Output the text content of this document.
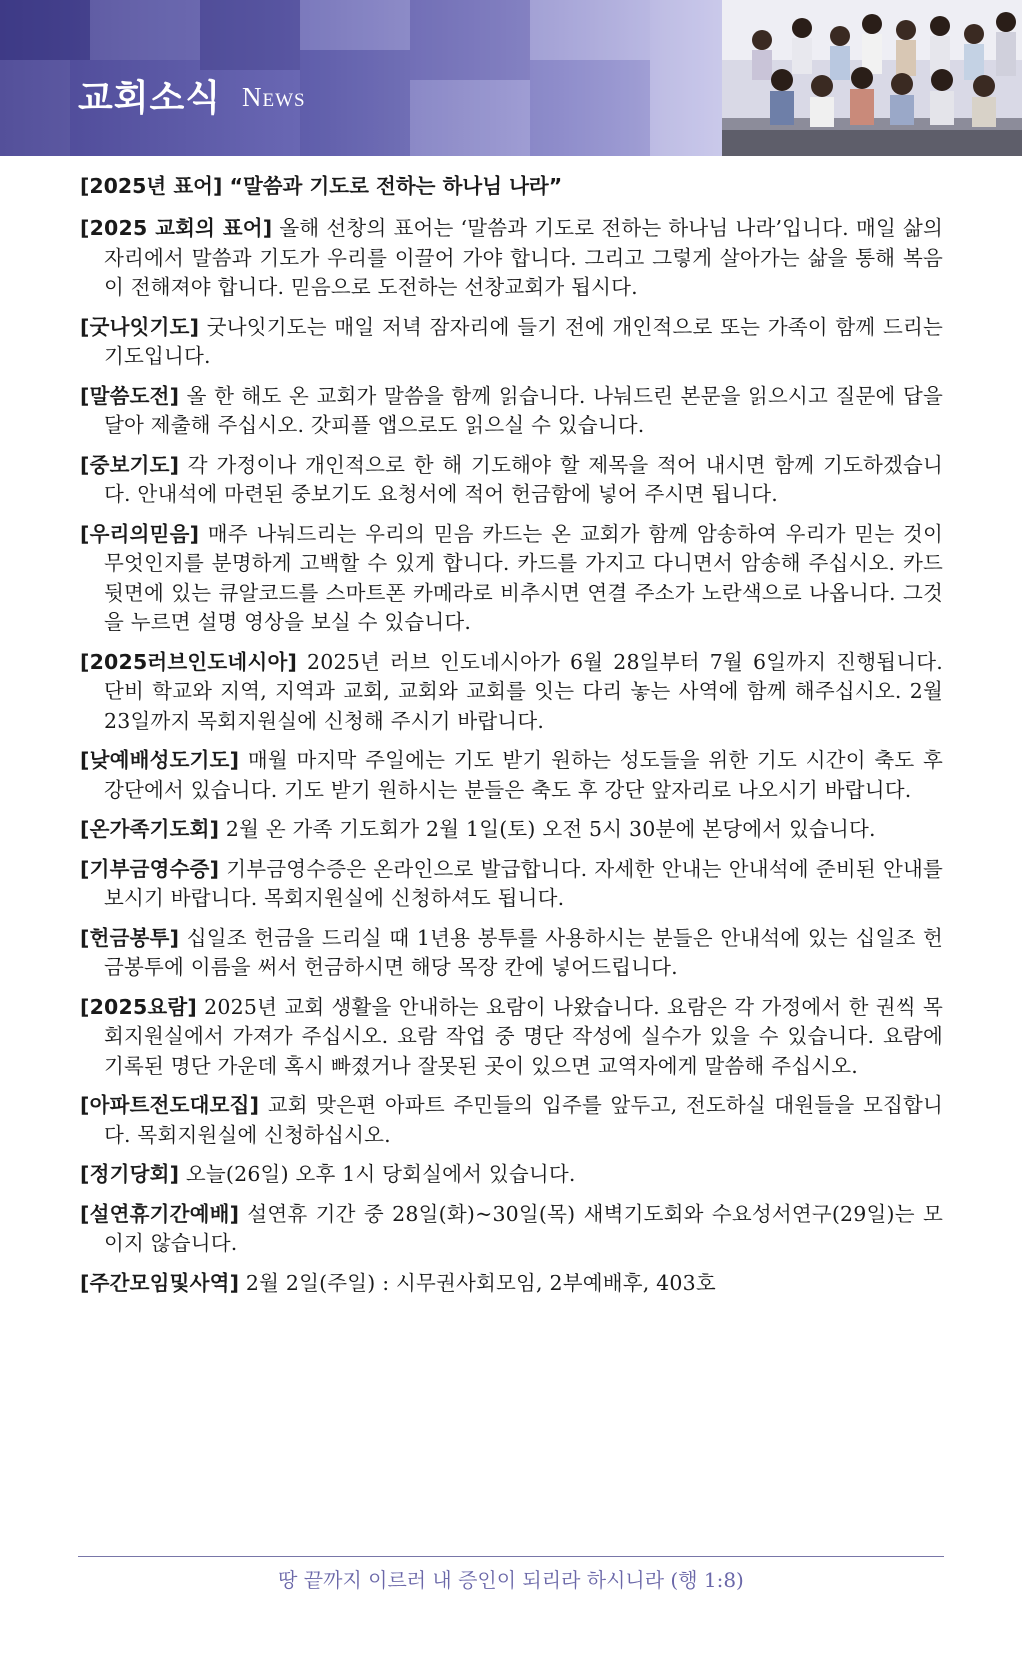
교회소식 News

[2025년 표어] “말씀과 기도로 전하는 하나님 나라”

[2025 교회의 표어] 올해 선창의 표어는 ‘말씀과 기도로 전하는 하나님 나라’입니다. 매일 삶의 자리에서 말씀과 기도가 우리를 이끌어 가야 합니다. 그리고 그렇게 살아가는 삶을 통해 복음이 전해져야 합니다. 믿음으로 도전하는 선창교회가 됩시다.

[굿나잇기도] 굿나잇기도는 매일 저녁 잠자리에 들기 전에 개인적으로 또는 가족이 함께 드리는 기도입니다.

[말씀도전] 올 한 해도 온 교회가 말씀을 함께 읽습니다. 나눠드린 본문을 읽으시고 질문에 답을 달아 제출해 주십시오. 갓피플 앱으로도 읽으실 수 있습니다.

[중보기도] 각 가정이나 개인적으로 한 해 기도해야 할 제목을 적어 내시면 함께 기도하겠습니다. 안내석에 마련된 중보기도 요청서에 적어 헌금함에 넣어 주시면 됩니다.

[우리의믿음] 매주 나눠드리는 우리의 믿음 카드는 온 교회가 함께 암송하여 우리가 믿는 것이 무엇인지를 분명하게 고백할 수 있게 합니다. 카드를 가지고 다니면서 암송해 주십시오. 카드 뒷면에 있는 큐알코드를 스마트폰 카메라로 비추시면 연결 주소가 노란색으로 나옵니다. 그것을 누르면 설명 영상을 보실 수 있습니다.

[2025러브인도네시아] 2025년 러브 인도네시아가 6월 28일부터 7월 6일까지 진행됩니다. 단비 학교와 지역, 지역과 교회, 교회와 교회를 잇는 다리 놓는 사역에 함께 해주십시오. 2월 23일까지 목회지원실에 신청해 주시기 바랍니다.

[낮예배성도기도] 매월 마지막 주일에는 기도 받기 원하는 성도들을 위한 기도 시간이 축도 후 강단에서 있습니다. 기도 받기 원하시는 분들은 축도 후 강단 앞자리로 나오시기 바랍니다.

[온가족기도회] 2월 온 가족 기도회가 2월 1일(토) 오전 5시 30분에 본당에서 있습니다.

[기부금영수증] 기부금영수증은 온라인으로 발급합니다. 자세한 안내는 안내석에 준비된 안내를 보시기 바랍니다. 목회지원실에 신청하셔도 됩니다.

[헌금봉투] 십일조 헌금을 드리실 때 1년용 봉투를 사용하시는 분들은 안내석에 있는 십일조 헌금봉투에 이름을 써서 헌금하시면 해당 목장 칸에 넣어드립니다.

[2025요람] 2025년 교회 생활을 안내하는 요람이 나왔습니다. 요람은 각 가정에서 한 권씩 목회지원실에서 가져가 주십시오. 요람 작업 중 명단 작성에 실수가 있을 수 있습니다. 요람에 기록된 명단 가운데 혹시 빠졌거나 잘못된 곳이 있으면 교역자에게 말씀해 주십시오.

[아파트전도대모집] 교회 맞은편 아파트 주민들의 입주를 앞두고, 전도하실 대원들을 모집합니다. 목회지원실에 신청하십시오.

[정기당회] 오늘(26일) 오후 1시 당회실에서 있습니다.

[설연휴기간예배] 설연휴 기간 중 28일(화)~30일(목) 새벽기도회와 수요성서연구(29일)는 모이지 않습니다.

[주간모임및사역] 2월 2일(주일) : 시무권사회모임, 2부예배후, 403호

땅 끝까지 이르러 내 증인이 되리라 하시니라 (행 1:8)
